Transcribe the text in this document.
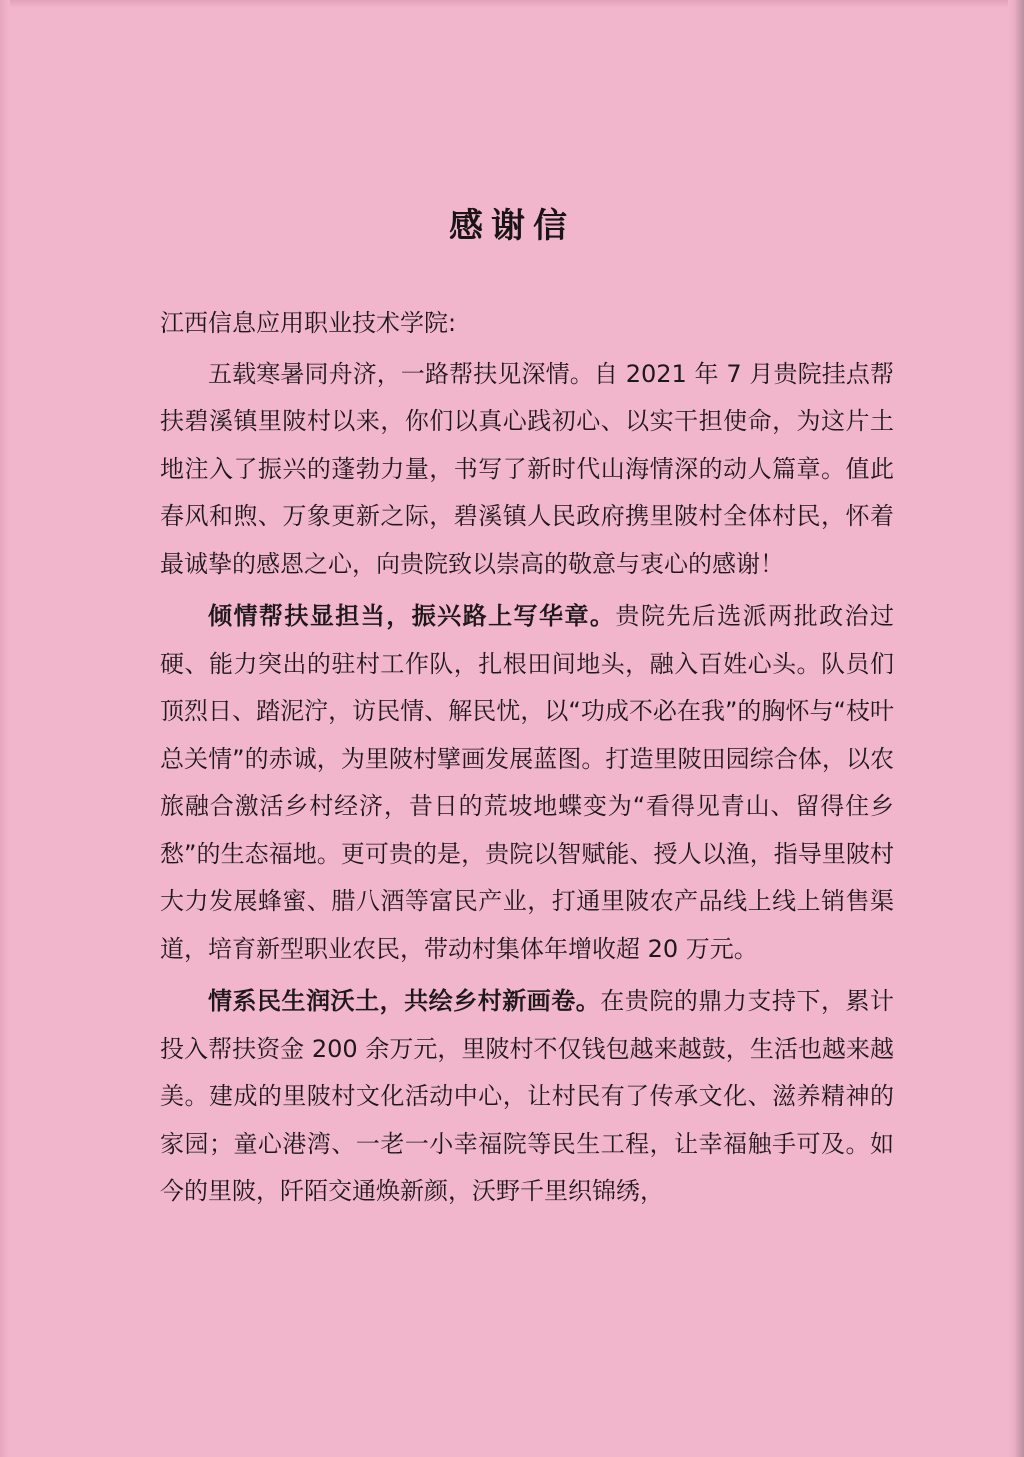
感谢信

江西信息应用职业技术学院:

五载寒暑同舟济，一路帮扶见深情。自 2021 年 7 月贵院挂点帮扶碧溪镇里陂村以来，你们以真心践初心、以实干担使命，为这片土地注入了振兴的蓬勃力量，书写了新时代山海情深的动人篇章。值此春风和煦、万象更新之际，碧溪镇人民政府携里陂村全体村民，怀着最诚挚的感恩之心，向贵院致以崇高的敬意与衷心的感谢！

倾情帮扶显担当，振兴路上写华章。贵院先后选派两批政治过硬、能力突出的驻村工作队，扎根田间地头，融入百姓心头。队员们顶烈日、踏泥泞，访民情、解民忧，以“功成不必在我”的胸怀与“枝叶总关情”的赤诚，为里陂村擘画发展蓝图。打造里陂田园综合体，以农旅融合激活乡村经济，昔日的荒坡地蝶变为“看得见青山、留得住乡愁”的生态福地。更可贵的是，贵院以智赋能、授人以渔，指导里陂村大力发展蜂蜜、腊八酒等富民产业，打通里陂农产品线上线上销售渠道，培育新型职业农民，带动村集体年增收超 20 万元。

情系民生润沃土，共绘乡村新画卷。在贵院的鼎力支持下，累计投入帮扶资金 200 余万元，里陂村不仅钱包越来越鼓，生活也越来越美。建成的里陂村文化活动中心，让村民有了传承文化、滋养精神的家园；童心港湾、一老一小幸福院等民生工程，让幸福触手可及。如今的里陂，阡陌交通焕新颜，沃野千里织锦绣，
